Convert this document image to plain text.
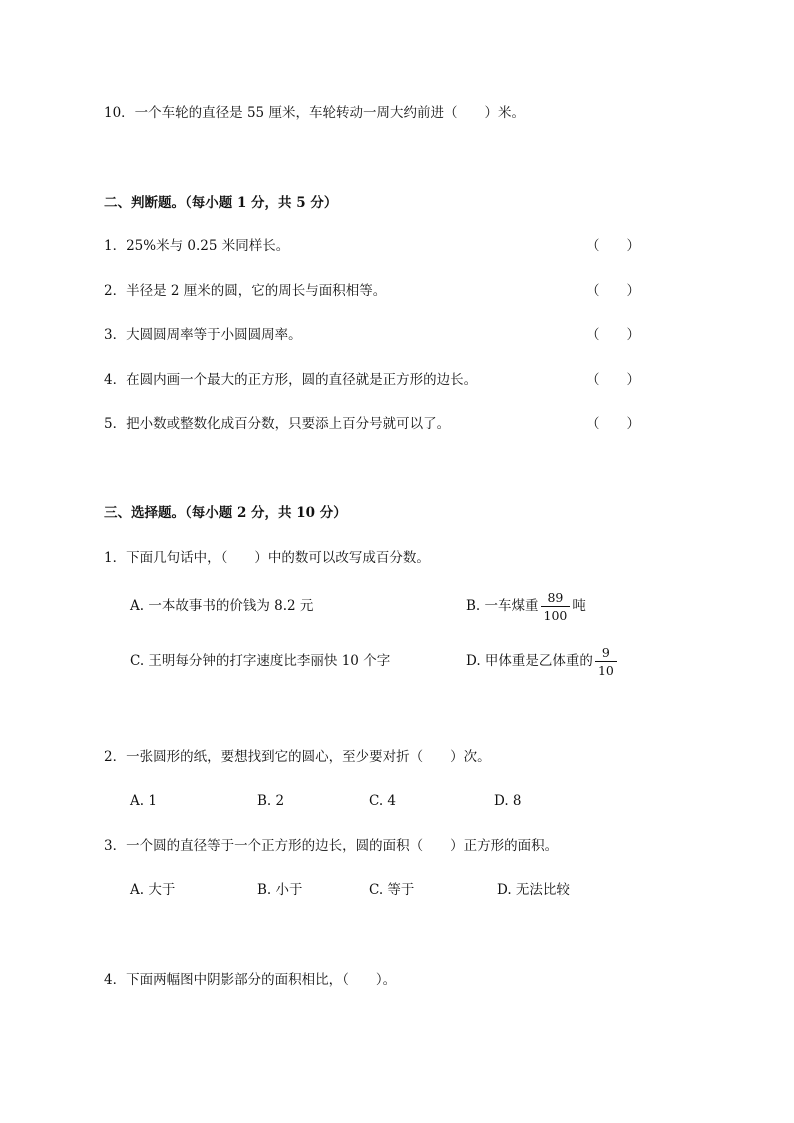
10．一个车轮的直径是 55 厘米，车轮转动一周大约前进（　　）米。
二、判断题。（每小题 1 分，共 5 分）
1．25%米与 0.25 米同样长。	（　　）
2．半径是 2 厘米的圆，它的周长与面积相等。	（　　）
3．大圆圆周率等于小圆圆周率。	（　　）
4．在圆内画一个最大的正方形，圆的直径就是正方形的边长。	（　　）
5．把小数或整数化成百分数，只要添上百分号就可以了。	（　　）
三、选择题。（每小题 2 分，共 10 分）
1．下面几句话中，（　　）中的数可以改写成百分数。
A. 一本故事书的价钱为 8.2 元	B. 一车煤重 $\frac{89}{100}$ 吨
C. 王明每分钟的打字速度比李丽快 10 个字	D. 甲体重是乙体重的 $\frac{9}{10}$
2．一张圆形的纸，要想找到它的圆心，至少要对折（　　）次。
A. 1	B. 2	C. 4	D. 8
3．一个圆的直径等于一个正方形的边长，圆的面积（　　）正方形的面积。
A. 大于	B. 小于	C. 等于	D. 无法比较
4．下面两幅图中阴影部分的面积相比，（　　）。
